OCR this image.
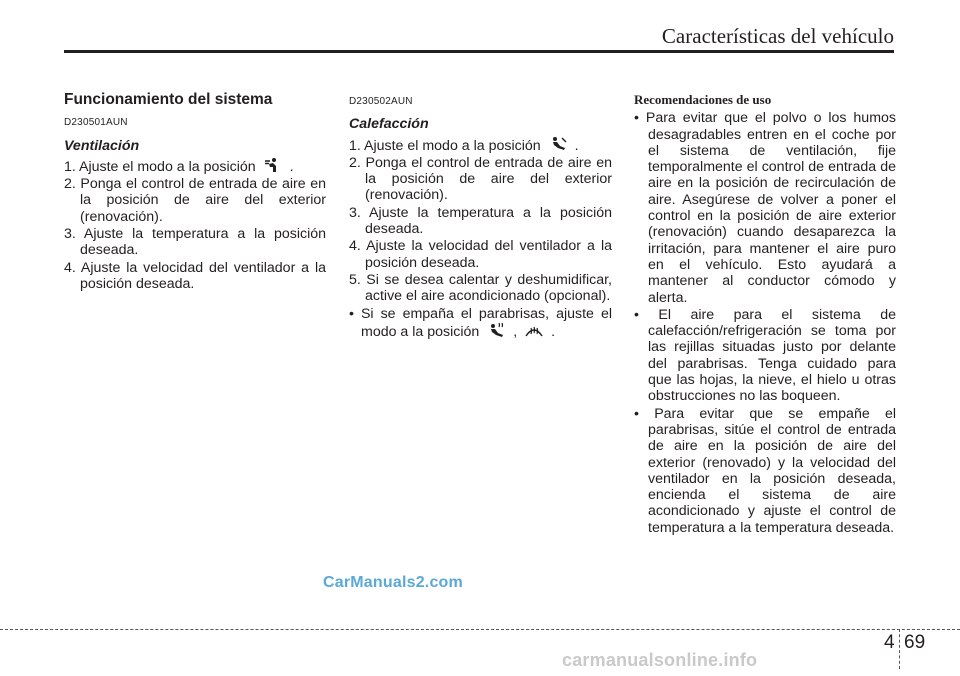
Características del vehículo
Funcionamiento del sistema
D230501AUN
Ventilación
1. Ajuste el modo a la posición .
2. Ponga el control de entrada de aire en la posición de aire del exterior (renovación).
3. Ajuste la temperatura a la posición deseada.
4. Ajuste la velocidad del ventilador a la posición deseada.
D230502AUN
Calefacción
1. Ajuste el modo a la posición .
2. Ponga el control de entrada de aire en la posición de aire del exterior (renovación).
3. Ajuste la temperatura a la posición deseada.
4. Ajuste la velocidad del ventilador a la posición deseada.
5. Si se desea calentar y deshumidificar, active el aire acondicionado (opcional).
• Si se empaña el parabrisas, ajuste el modo a la posición , .
Recomendaciones de uso
• Para evitar que el polvo o los humos desagradables entren en el coche por el sistema de ventilación, fije temporalmente el control de entrada de aire en la posición de recirculación de aire. Asegúrese de volver a poner el control en la posición de aire exterior (renovación) cuando desaparezca la irritación, para mantener el aire puro en el vehículo. Esto ayudará a mantener al conductor cómodo y alerta.
• El aire para el sistema de calefacción/refrigeración se toma por las rejillas situadas justo por delante del parabrisas. Tenga cuidado para que las hojas, la nieve, el hielo u otras obstrucciones no las boqueen.
• Para evitar que se empañe el parabrisas, sitúe el control de entrada de aire en la posición de aire del exterior (renovado) y la velocidad del ventilador en la posición deseada, encienda el sistema de aire acondicionado y ajuste el control de temperatura a la temperatura deseada.
CarManuals2.com
4 69
carmanualsonline.info
